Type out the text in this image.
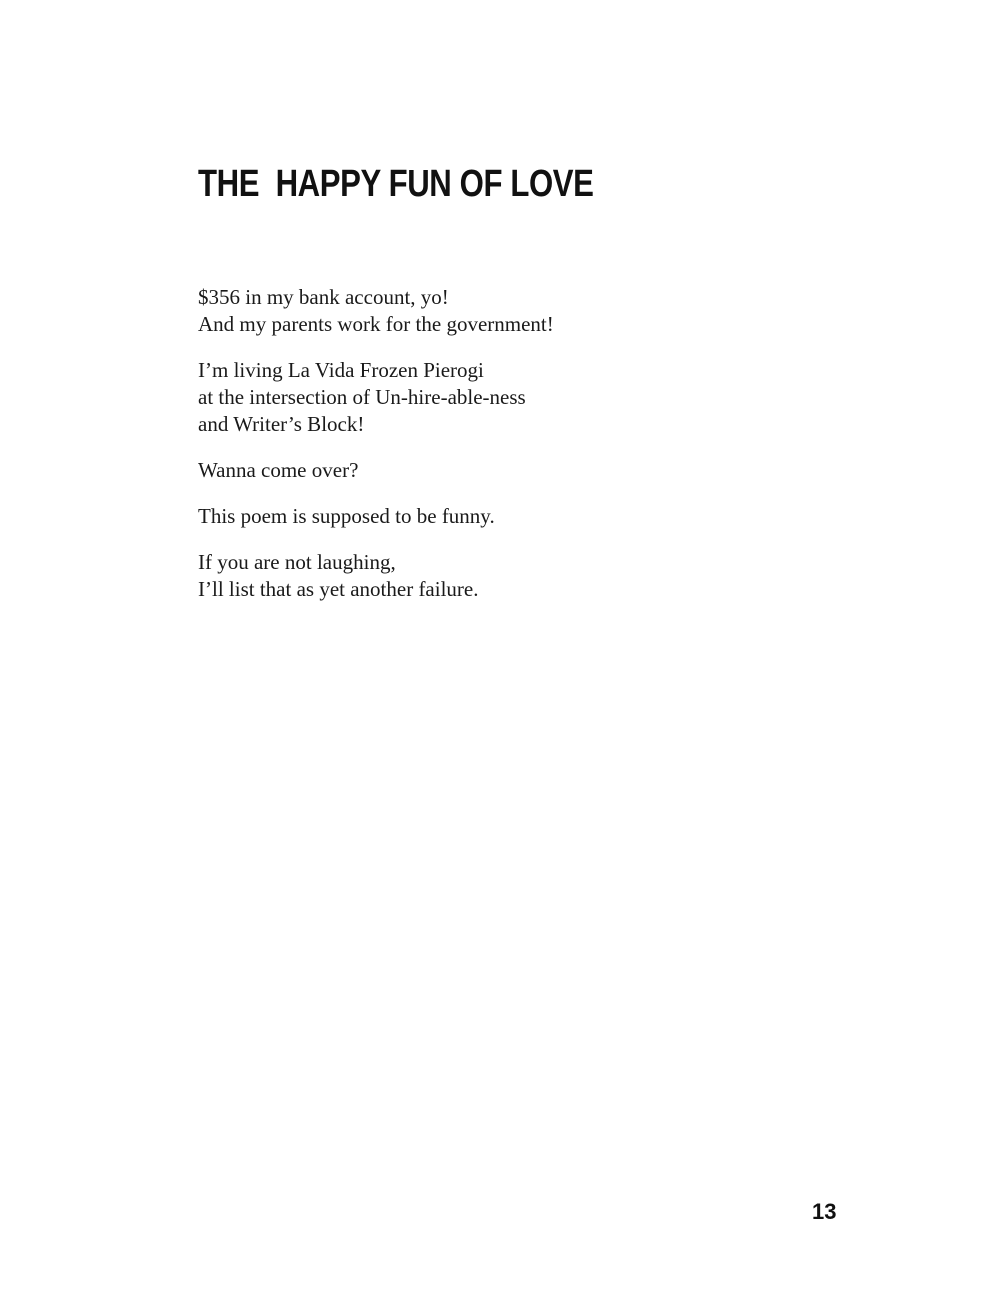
THE  HAPPY FUN OF LOVE

$356 in my bank account, yo!
And my parents work for the government!

I’m living La Vida Frozen Pierogi
at the intersection of Un-hire-able-ness
and Writer’s Block!

Wanna come over?

This poem is supposed to be funny.

If you are not laughing,
I’ll list that as yet another failure.

13
